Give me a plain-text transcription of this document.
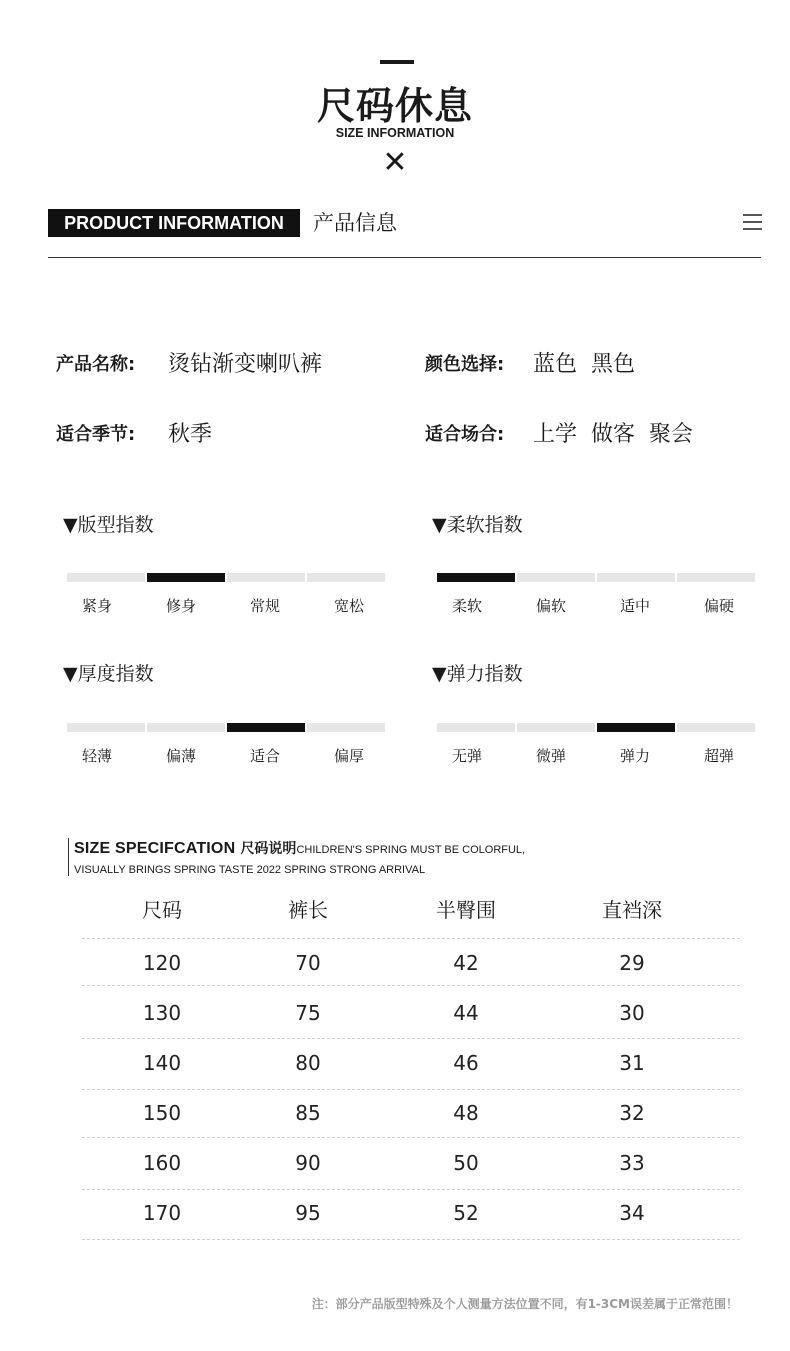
尺码休息
SIZE INFORMATION
✕
PRODUCT INFORMATION	产品信息
产品名称: 烫钻渐变喇叭裤	颜色选择: 蓝色  黑色
适合季节: 秋季	适合场合: 上学  做客  聚会
▼版型指数
紧身	修身	常规	宽松
▼柔软指数
柔软	偏软	适中	偏硬
▼厚度指数
轻薄	偏薄	适合	偏厚
▼弹力指数
无弹	微弹	弹力	超弹
SIZE SPECIFCATION 尺码说明CHILDREN'S SPRING MUST BE COLORFUL,
VISUALLY BRINGS SPRING TASTE 2022 SPRING STRONG ARRIVAL
尺码	裤长	半臀围	直裆深
120	70	42	29
130	75	44	30
140	80	46	31
150	85	48	32
160	90	50	33
170	95	52	34
注：部分产品版型特殊及个人测量方法位置不同，有1-3CM误差属于正常范围！
